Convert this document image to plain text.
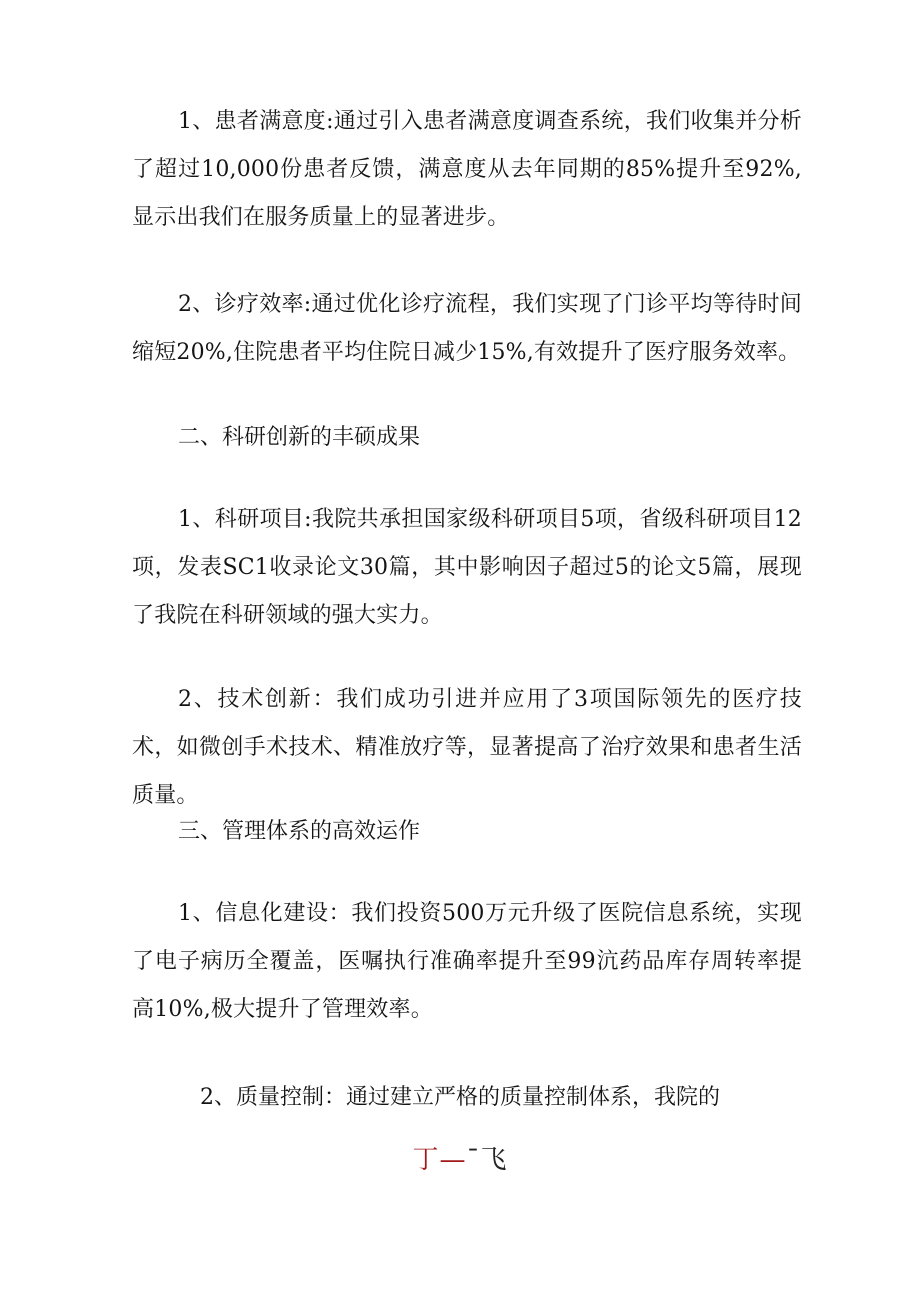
1、患者满意度:通过引入患者满意度调查系统，我们收集并分析了超过10,000份患者反馈，满意度从去年同期的85%提升至92%,显示出我们在服务质量上的显著进步。

2、诊疗效率:通过优化诊疗流程，我们实现了门诊平均等待时间缩短20%,住院患者平均住院日减少15%,有效提升了医疗服务效率。

二、科研创新的丰硕成果

1、科研项目:我院共承担国家级科研项目5项，省级科研项目12项，发表SC1收录论文30篇，其中影响因子超过5的论文5篇，展现了我院在科研领域的强大实力。

2、技术创新：我们成功引进并应用了3项国际领先的医疗技术，如微创手术技术、精准放疗等，显著提高了治疗效果和患者生活质量。

三、管理体系的高效运作

1、信息化建设：我们投资500万元升级了医院信息系统，实现了电子病历全覆盖，医嘱执行准确率提升至99沆药品库存周转率提高10%,极大提升了管理效率。

2、质量控制：通过建立严格的质量控制体系，我院的

丁—¯飞
